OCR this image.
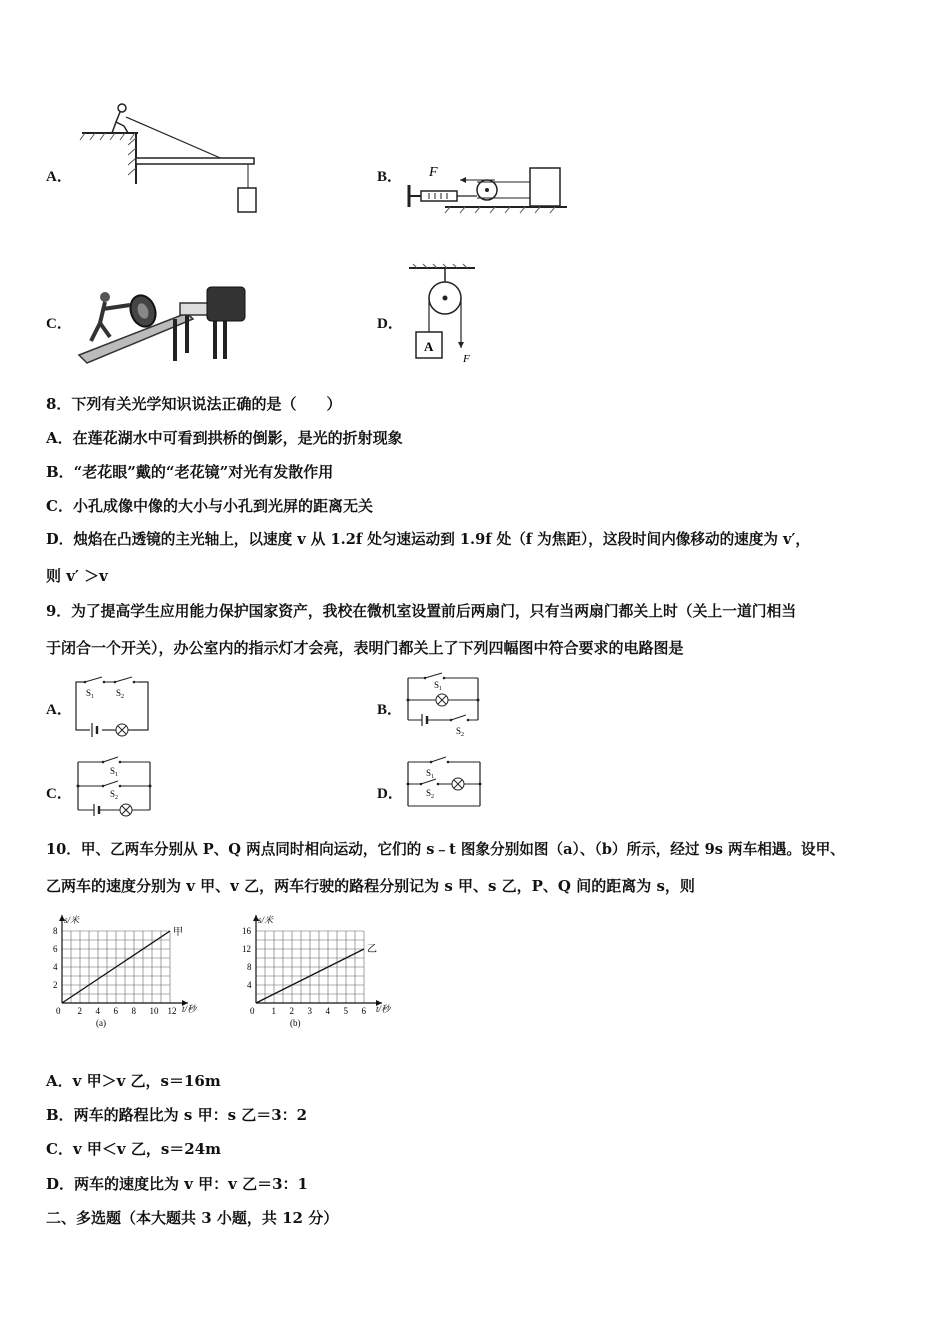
A．	B． F
C．	D．
A
F
8．下列有关光学知识说法正确的是（　　）
A．在莲花湖水中可看到拱桥的倒影，是光的折射现象
B．“老花眼”戴的“老花镜”对光有发散作用
C．小孔成像中像的大小与小孔到光屏的距离无关
D．烛焰在凸透镜的主光轴上，以速度 v 从 1.2f 处匀速运动到 1.9f 处（f 为焦距），这段时间内像移动的速度为 v′，
则 v′ ＞v
9．为了提高学生应用能力保护国家资产，我校在微机室设置前后两扇门，只有当两扇门都关上时（关上一道门相当
于闭合一个开关），办公室内的指示灯才会亮，表明门都关上了下列四幅图中符合要求的电路图是
A．
$S_1$ $S_2$
B．
$S_1$
$S_2$
C．
$S_1$
$S_2$	D．
$S_1$
$S_2$
10．甲、乙两车分别从 P、Q 两点同时相向运动，它们的 s﹣t 图象分别如图（a）、（b）所示，经过 9s 两车相遇。设甲、
乙两车的速度分别为 v 甲、v 乙，两车行驶的路程分别记为 s 甲、s 乙，P、Q 间的距离为 s，则
0 2 4 6 8 10 12
2
4
6
8
s/米
t/秒
(a)
甲
0 1 2 3 4 5 6
4
8
12
16
s/米
t/秒
(b)
乙
A．v 甲＞v 乙，s＝16m
B．两车的路程比为 s 甲：s 乙＝3：2
C．v 甲＜v 乙，s＝24m
D．两车的速度比为 v 甲：v 乙＝3：1
二、多选题（本大题共 3 小题，共 12 分）
